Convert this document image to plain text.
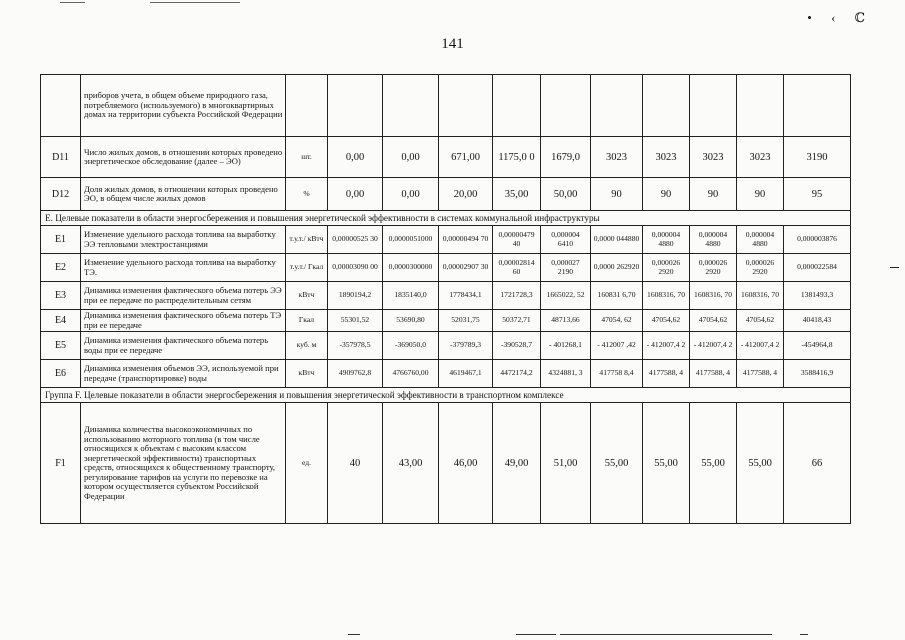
• ‹ ℂ
141
	приборов учета, в общем объеме природного газа, потребляемого (используемого) в многоквартирных домах на территории субъекта Российской Федерации											
D11	Число жилых домов, в отношении которых проведено энергетическое обследование (далее – ЭО)	шт.	0,00	0,00	671,00	1175,0 0	1679,0	3023	3023	3023	3023	3190
D12	Доля жилых домов, в отношении которых проведено ЭО, в общем числе жилых домов	%	0,00	0,00	20,00	35,00	50,00	90	90	90	90	95
Е. Целевые показатели в области энергосбережения и повышения энергетической эффективности в системах коммунальной инфраструктуры												
E1	Изменение удельного расхода топлива на выработку ЭЭ тепловыми электростанциями	т.у.т./ кВтч	0,00000525 30	0,0000051000	0,00000494 70	0,00000479 40	0,000004 6410	0,0000 044880	0,000004 4880	0,000004 4880	0,000004 4880	0,000003876
E2	Изменение удельного расхода топлива на выработку ТЭ.	т.у.т./ Гкал	0,00003090 00	0,0000300000	0,00002907 30	0,00002814 60	0,000027 2190	0,0000 262920	0,000026 2920	0,000026 2920	0,000026 2920	0,000022584
E3	Динамика изменения фактического объема потерь ЭЭ при ее передаче по распределительным сетям	кВтч	1890194,2	1835140,0	1778434,1	1721728,3	1665022, 52	160831 6,70	1608316, 70	1608316, 70	1608316, 70	1381493,3
E4	Динамика изменения фактического объема потерь ТЭ при ее передаче	Гкал	55301,52	53690,80	52031,75	50372,71	48713,66	47054, 62	47054,62	47054,62	47054,62	40418,43
E5	Динамика изменения фактического объема потерь воды при ее передаче	куб. м	-357978,5	-369050,0	-379789,3	-390528,7	- 401268,1	- 412007 ,42	- 412007,4 2	- 412007,4 2	- 412007,4 2	-454964,8
E6	Динамика изменения объемов ЭЭ, используемой при передаче (транспортировке) воды	кВтч	4909762,8	4766760,00	4619467,1	4472174,2	4324881, 3	417758 8,4	4177588, 4	4177588, 4	4177588, 4	3588416,9
Группа F. Целевые показатели в области энергосбережения и повышения энергетической эффективности в транспортном комплексе												
F1	Динамика количества высокоэкономичных по использованию моторного топлива (в том числе относящихся к объектам с высоким классом энергетической эффективности) транспортных средств, относящихся к общественному транспорту, регулирование тарифов на услуги по перевозке на котором осуществляется субъектом Российской Федерации	ед.	40	43,00	46,00	49,00	51,00	55,00	55,00	55,00	55,00	66
